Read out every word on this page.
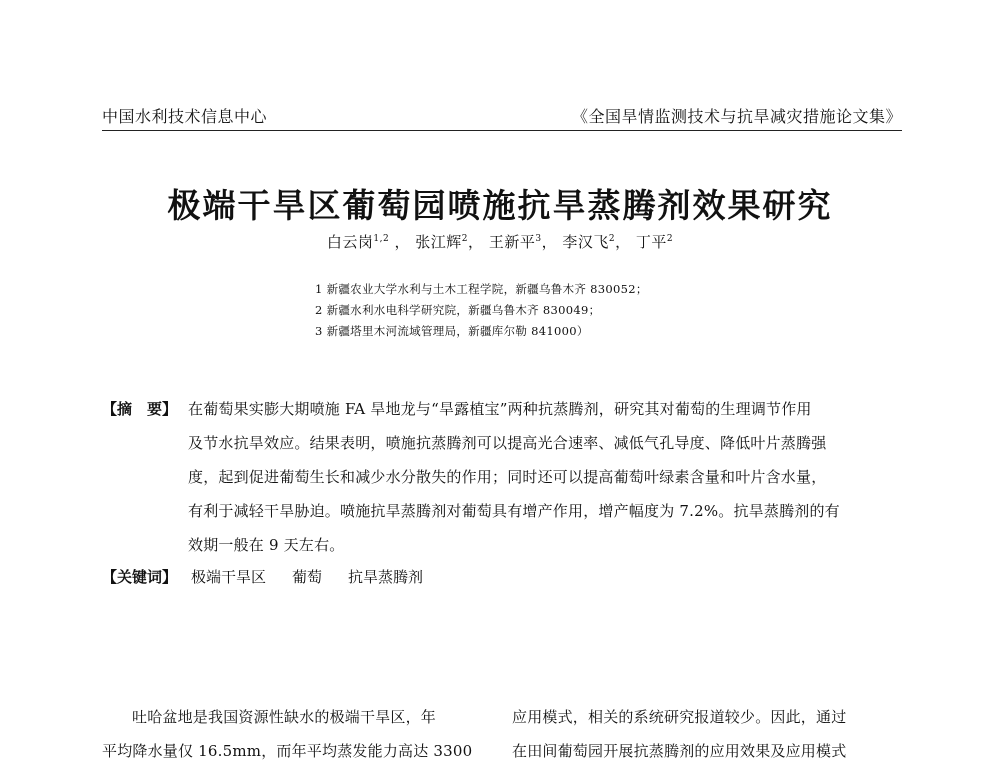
中国水利技术信息中心	《全国旱情监测技术与抗旱减灾措施论文集》
极端干旱区葡萄园喷施抗旱蒸腾剂效果研究
白云岗$^{1,2}$ ， 张江辉$^2$， 王新平$^3$， 李汉飞$^2$， 丁平$^2$
1 新疆农业大学水利与土木工程学院，新疆乌鲁木齐 830052；
2 新疆水利水电科学研究院，新疆乌鲁木齐 830049；
3 新疆塔里木河流域管理局，新疆库尔勒 841000）
【摘　要】 在葡萄果实膨大期喷施 FA 旱地龙与“旱露植宝”两种抗蒸腾剂，研究其对葡萄的生理调节作用
及节水抗旱效应。结果表明，喷施抗蒸腾剂可以提高光合速率、减低气孔导度、降低叶片蒸腾强
度，起到促进葡萄生长和减少水分散失的作用；同时还可以提高葡萄叶绿素含量和叶片含水量，
有利于减轻干旱胁迫。喷施抗旱蒸腾剂对葡萄具有增产作用，增产幅度为 7.2%。抗旱蒸腾剂的有
效期一般在 9 天左右。
【关键词】 极端干旱区 葡萄 抗旱蒸腾剂
吐哈盆地是我国资源性缺水的极端干旱区，年
平均降水量仅 16.5mm，而年平均蒸发能力高达 3300
应用模式，相关的系统研究报道较少。因此，通过
在田间葡萄园开展抗蒸腾剂的应用效果及应用模式
